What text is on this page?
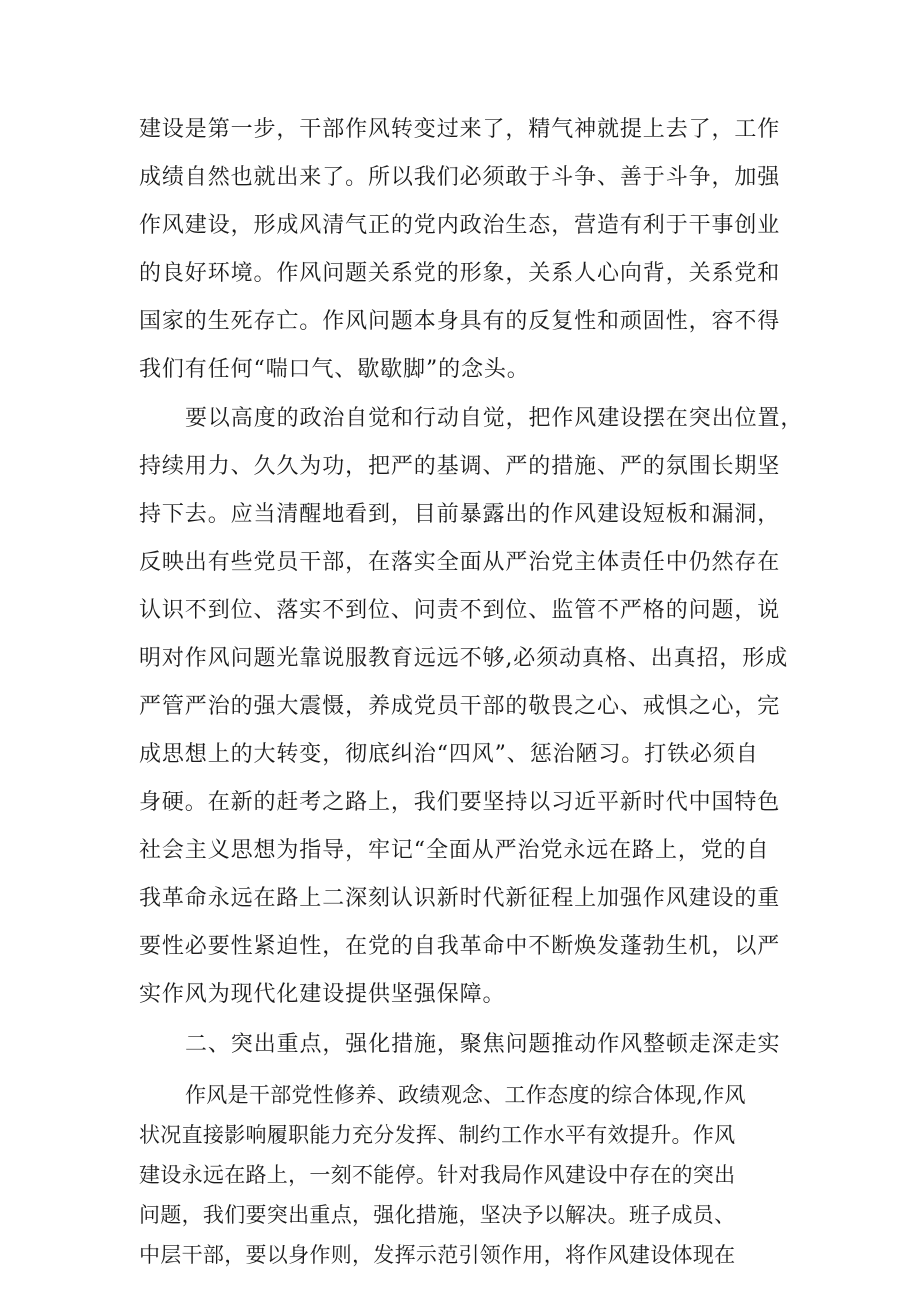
建设是第一步，干部作风转变过来了，精气神就提上去了，工作
成绩自然也就出来了。所以我们必须敢于斗争、善于斗争，加强
作风建设，形成风清气正的党内政治生态，营造有利于干事创业
的良好环境。作风问题关系党的形象，关系人心向背，关系党和
国家的生死存亡。作风问题本身具有的反复性和顽固性，容不得
我们有任何“喘口气、歇歇脚”的念头。
要以高度的政治自觉和行动自觉，把作风建设摆在突出位置，
持续用力、久久为功，把严的基调、严的措施、严的氛围长期坚
持下去。应当清醒地看到，目前暴露出的作风建设短板和漏洞，
反映出有些党员干部，在落实全面从严治党主体责任中仍然存在
认识不到位、落实不到位、问责不到位、监管不严格的问题，说
明对作风问题光靠说服教育远远不够,必须动真格、出真招，形成
严管严治的强大震慑，养成党员干部的敬畏之心、戒惧之心，完
成思想上的大转变，彻底纠治“四风”、惩治陋习。打铁必须自
身硬。在新的赶考之路上，我们要坚持以习近平新时代中国特色
社会主义思想为指导，牢记“全面从严治党永远在路上，党的自
我革命永远在路上二深刻认识新时代新征程上加强作风建设的重
要性必要性紧迫性，在党的自我革命中不断焕发蓬勃生机，以严
实作风为现代化建设提供坚强保障。
二、突出重点，强化措施，聚焦问题推动作风整顿走深走实
作风是干部党性修养、政绩观念、工作态度的综合体现,作风
状况直接影响履职能力充分发挥、制约工作水平有效提升。作风
建设永远在路上，一刻不能停。针对我局作风建设中存在的突出
问题，我们要突出重点，强化措施，坚决予以解决。班子成员、
中层干部，要以身作则，发挥示范引领作用，将作风建设体现在
